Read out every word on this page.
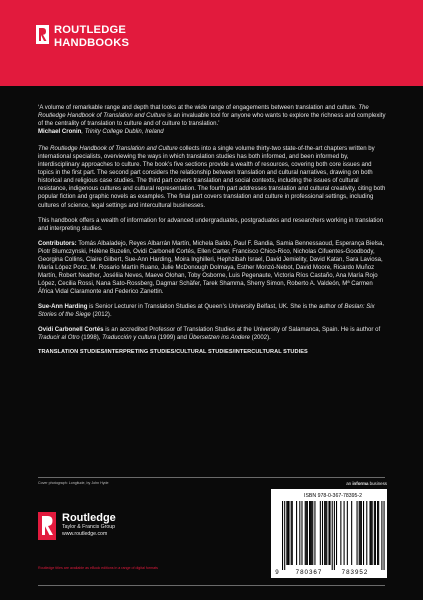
ROUTLEDGE
HANDBOOKS

‘A volume of remarkable range and depth that looks at the wide range of engagements between translation and culture. The Routledge Handbook of Translation and Culture is an invaluable tool for anyone who wants to explore the richness and complexity of the centrality of translation to culture and of culture to translation.’

Michael Cronin, Trinity College Dublin, Ireland

The Routledge Handbook of Translation and Culture collects into a single volume thirty-two state-of-the-art chapters written by international specialists, overviewing the ways in which translation studies has both informed, and been informed by, interdisciplinary approaches to culture. The book’s five sections provide a wealth of resources, covering both core issues and topics in the first part. The second part considers the relationship between translation and cultural narratives, drawing on both historical and religious case studies. The third part covers translation and social contexts, including the issues of cultural resistance, indigenous cultures and cultural representation. The fourth part addresses translation and cultural creativity, citing both popular fiction and graphic novels as examples. The final part covers translation and culture in professional settings, including cultures of science, legal settings and intercultural businesses.

This handbook offers a wealth of information for advanced undergraduates, postgraduates and researchers working in translation and interpreting studies.

Contributors: Tomás Albaladejo, Reyes Albarrán Martín, Michela Baldo, Paul F. Bandia, Samia Bennessaoud, Esperança Bielsa, Piotr Blumczynski, Hélène Buzelin, Ovidi Carbonell Cortés, Ellen Carter, Francisco Chico-Rico, Nicholas Cifuentes-Goodbody, Georgina Collins, Claire Gilbert, Sue-Ann Harding, Moira Inghilleri, Hephzibah Israel, David Jemielity, David Katan, Sara Laviosa, María López Ponz, M. Rosario Martín Ruano, Julie McDonough Dolmaya, Esther Monzó-Nebot, David Moore, Ricardo Muñoz Martín, Robert Neather, Joséliia Neves, Maeve Olohan, Toby Osborne, Luis Pegenaute, Victoria Ríos Castaño, Ana María Rojo López, Cecilia Rossi, Nana Sato-Rossberg, Dagmar Schäfer, Tarek Shamma, Sherry Simon, Roberto A. Valdeón, Mª Carmen África Vidal Claramonte and Federico Zanettin.

Sue-Ann Harding is Senior Lecturer in Translation Studies at Queen’s University Belfast, UK. She is the author of Beslan: Six Stories of the Siege (2012).

Ovidi Carbonell Cortés is an accredited Professor of Translation Studies at the University of Salamanca, Spain. He is author of Traducir al Otro (1998), Traducción y cultura (1999) and Übersetzen ins Andere (2002).

TRANSLATION STUDIES/INTERPRETING STUDIES/CULTURAL STUDIES/INTERCULTURAL STUDIES
Cover photograph: Longitude, by John Hyde
Routledge
Taylor & Francis Group
www.routledge.com
Routledge titles are available as eBook editions in a range of digital formats
an informa business
ISBN 978-0-367-78395-2
9	780367	783952
